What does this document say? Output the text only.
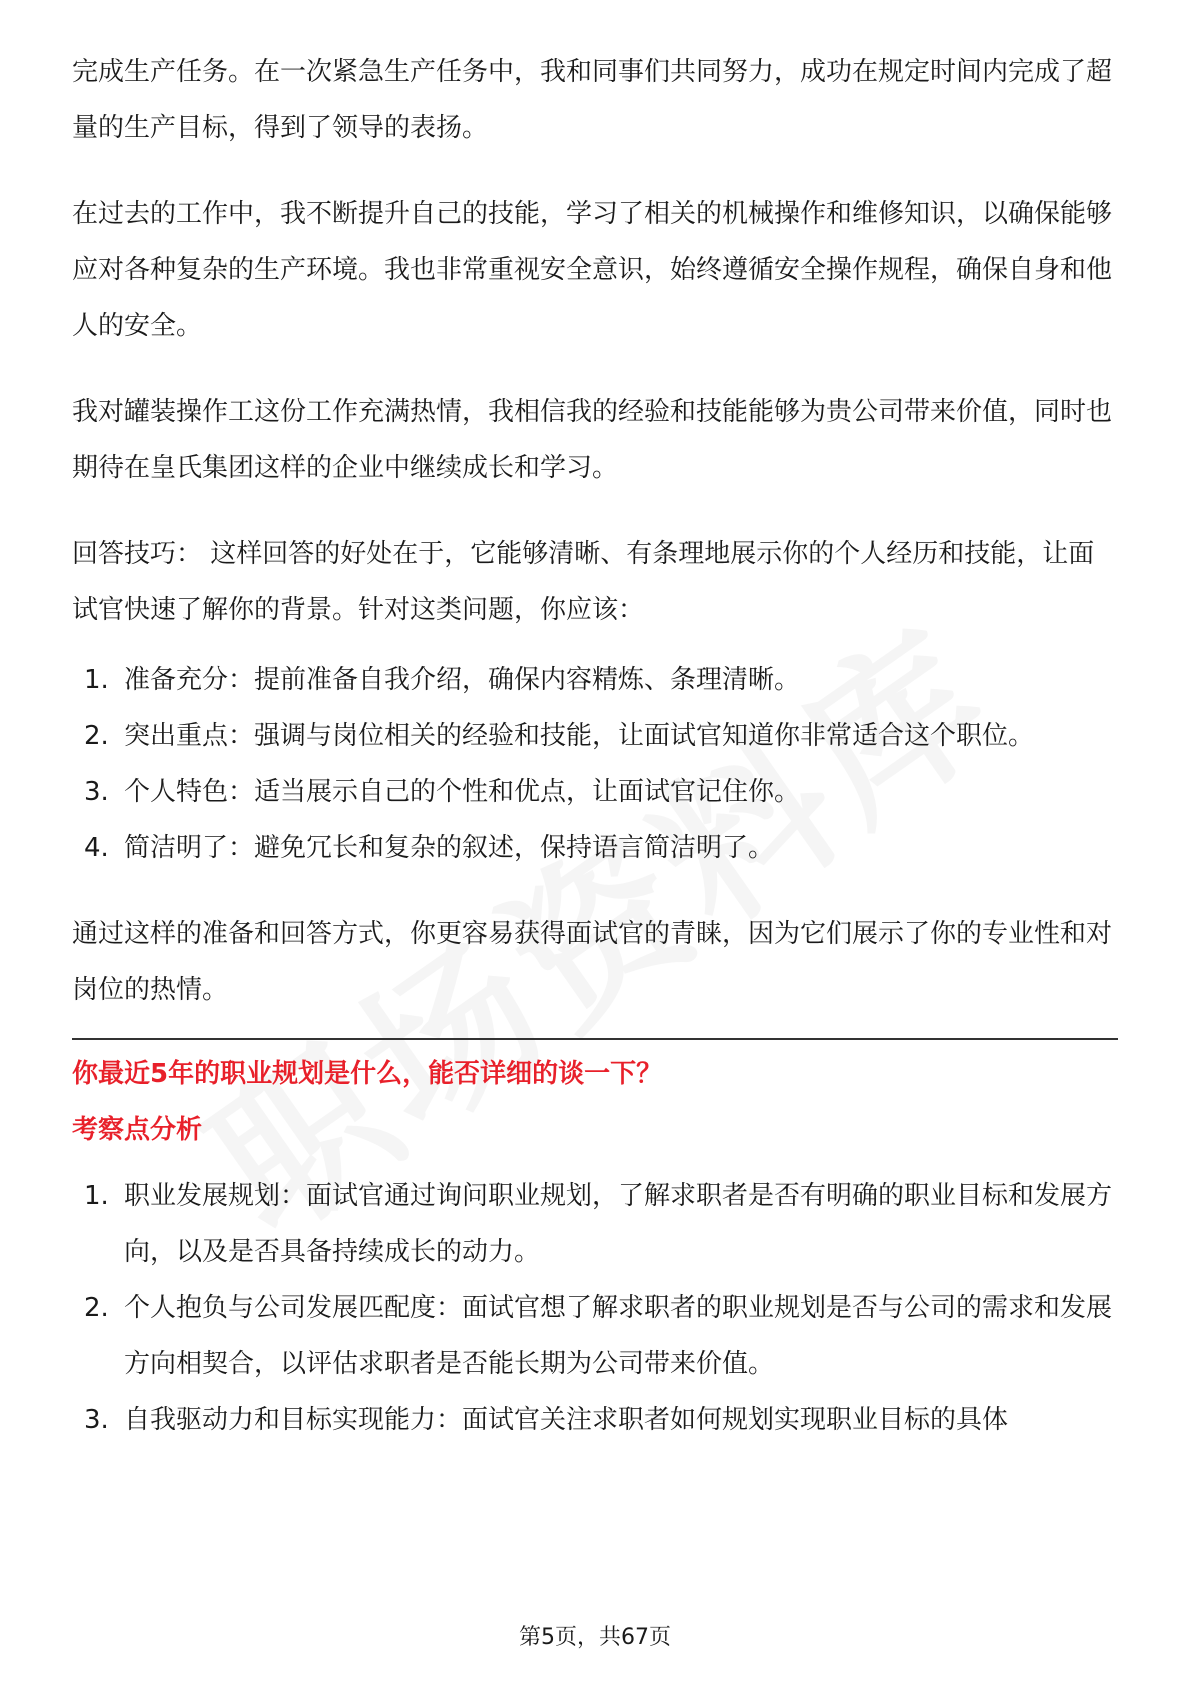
完成生产任务。在一次紧急生产任务中，我和同事们共同努力，成功在规定时间内完成了超量的生产目标，得到了领导的表扬。

在过去的工作中，我不断提升自己的技能，学习了相关的机械操作和维修知识，以确保能够应对各种复杂的生产环境。我也非常重视安全意识，始终遵循安全操作规程，确保自身和他人的安全。

我对罐装操作工这份工作充满热情，我相信我的经验和技能能够为贵公司带来价值，同时也期待在皇氏集团这样的企业中继续成长和学习。

回答技巧： 这样回答的好处在于，它能够清晰、有条理地展示你的个人经历和技能，让面试官快速了解你的背景。针对这类问题，你应该：

1. 准备充分：提前准备自我介绍，确保内容精炼、条理清晰。
2. 突出重点：强调与岗位相关的经验和技能，让面试官知道你非常适合这个职位。
3. 个人特色：适当展示自己的个性和优点，让面试官记住你。
4. 简洁明了：避免冗长和复杂的叙述，保持语言简洁明了。

通过这样的准备和回答方式，你更容易获得面试官的青睐，因为它们展示了你的专业性和对岗位的热情。

你最近5年的职业规划是什么，能否详细的谈一下？

考察点分析

1. 职业发展规划：面试官通过询问职业规划，了解求职者是否有明确的职业目标和发展方向，以及是否具备持续成长的动力。
2. 个人抱负与公司发展匹配度：面试官想了解求职者的职业规划是否与公司的需求和发展方向相契合，以评估求职者是否能长期为公司带来价值。
3. 自我驱动力和目标实现能力：面试官关注求职者如何规划实现职业目标的具体
第5页，共67页
